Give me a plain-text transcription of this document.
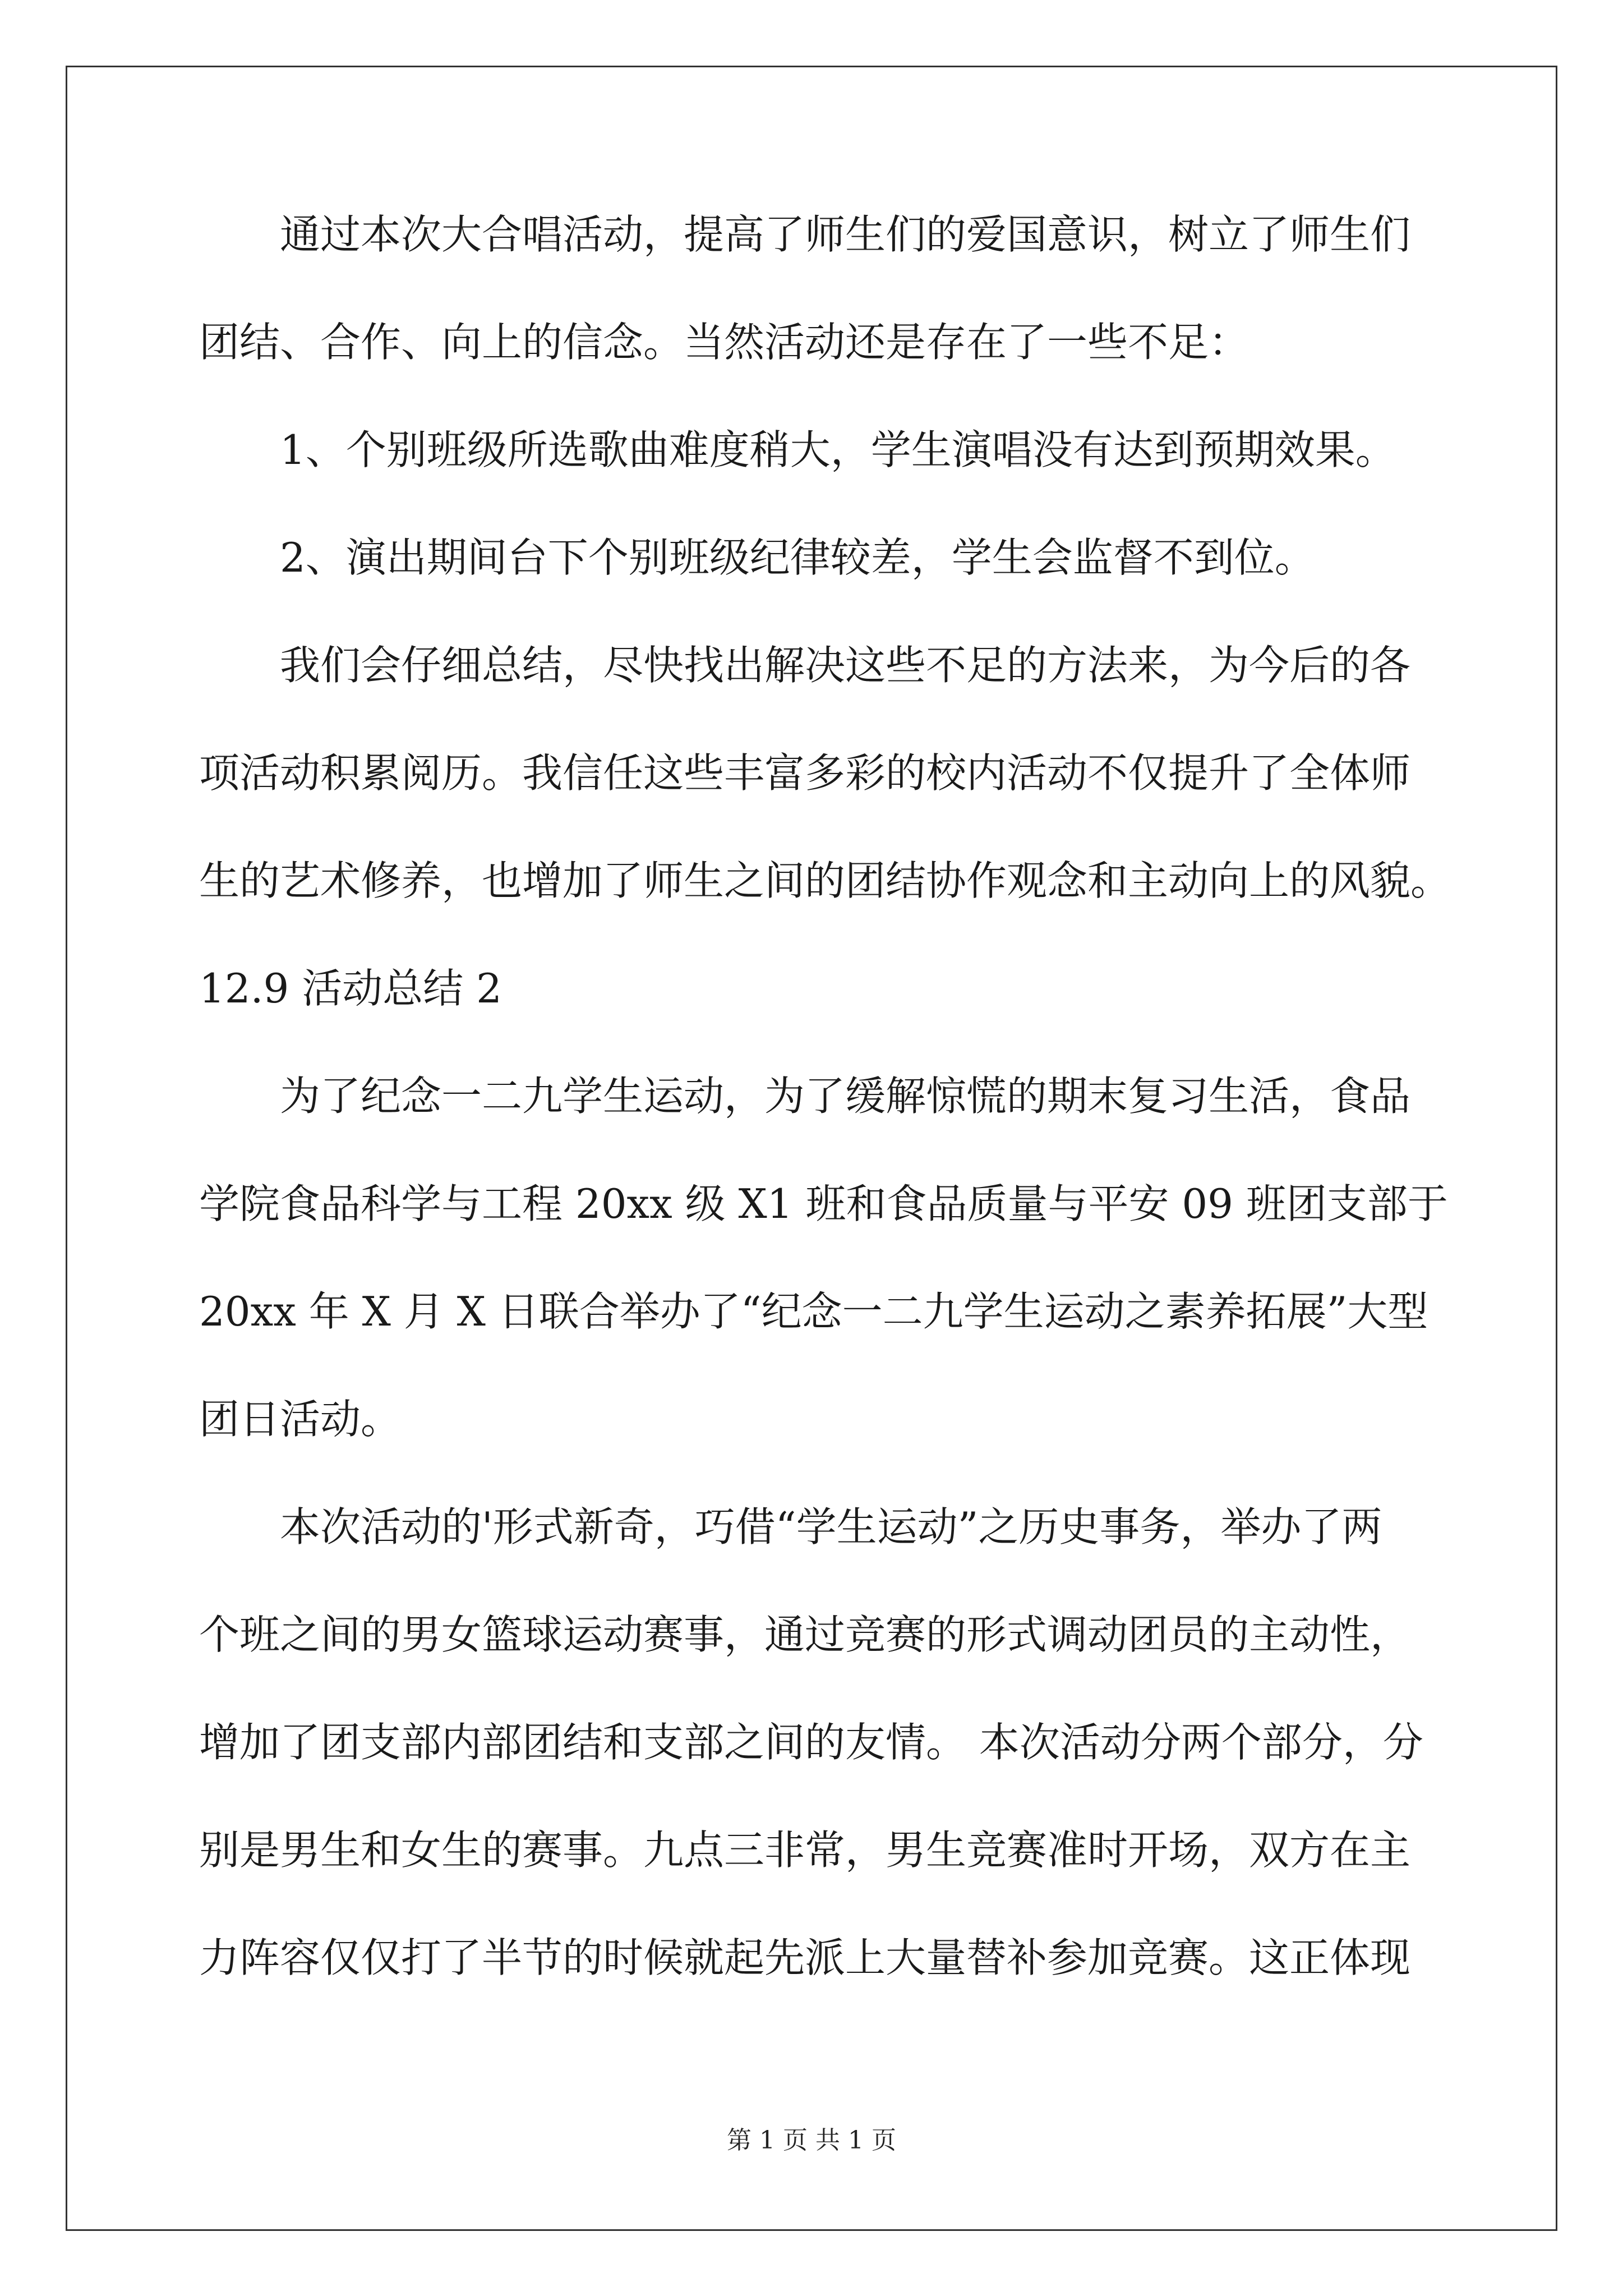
通过本次大合唱活动，提高了师生们的爱国意识，树立了师生们
团结、合作、向上的信念。当然活动还是存在了一些不足：
1、个别班级所选歌曲难度稍大，学生演唱没有达到预期效果。
2、演出期间台下个别班级纪律较差，学生会监督不到位。
我们会仔细总结，尽快找出解决这些不足的方法来，为今后的各
项活动积累阅历。我信任这些丰富多彩的校内活动不仅提升了全体师
生的艺术修养，也增加了师生之间的团结协作观念和主动向上的风貌。
12.9 活动总结 2
为了纪念一二九学生运动，为了缓解惊慌的期末复习生活，食品
学院食品科学与工程 20xx 级 X1 班和食品质量与平安 09 班团支部于
20xx 年 X 月 X 日联合举办了“纪念一二九学生运动之素养拓展”大型
团日活动。
本次活动的'形式新奇，巧借“学生运动”之历史事务，举办了两
个班之间的男女篮球运动赛事，通过竞赛的形式调动团员的主动性，
增加了团支部内部团结和支部之间的友情。 本次活动分两个部分，分
别是男生和女生的赛事。九点三非常，男生竞赛准时开场，双方在主
力阵容仅仅打了半节的时候就起先派上大量替补参加竞赛。这正体现
第 1 页 共 1 页
